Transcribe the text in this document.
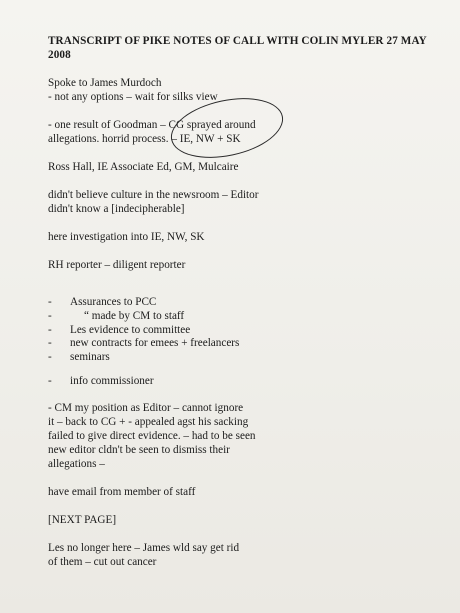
TRANSCRIPT OF PIKE NOTES OF CALL WITH COLIN MYLER 27 MAY 2008
Spoke to James Murdoch
- not any options – wait for silks view
- one result of Goodman – CG sprayed around
allegations. horrid process. – IE, NW + SK
Ross Hall, IE Associate Ed, GM, Mulcaire
didn't believe culture in the newsroom – Editor
didn't know a [indecipherable]
here investigation into IE, NW, SK
RH reporter – diligent reporter
- Assurances to PCC
-	“ made by CM to staff
- Les evidence to committee
- new contracts for emees + freelancers
- seminars
- info commissioner
- CM my position as Editor – cannot ignore
it – back to CG + - appealed agst his sacking
failed to give direct evidence. – had to be seen
new editor cldn't be seen to dismiss their
allegations –
have email from member of staff
[NEXT PAGE]
Les no longer here – James wld say get rid
of them – cut out cancer
